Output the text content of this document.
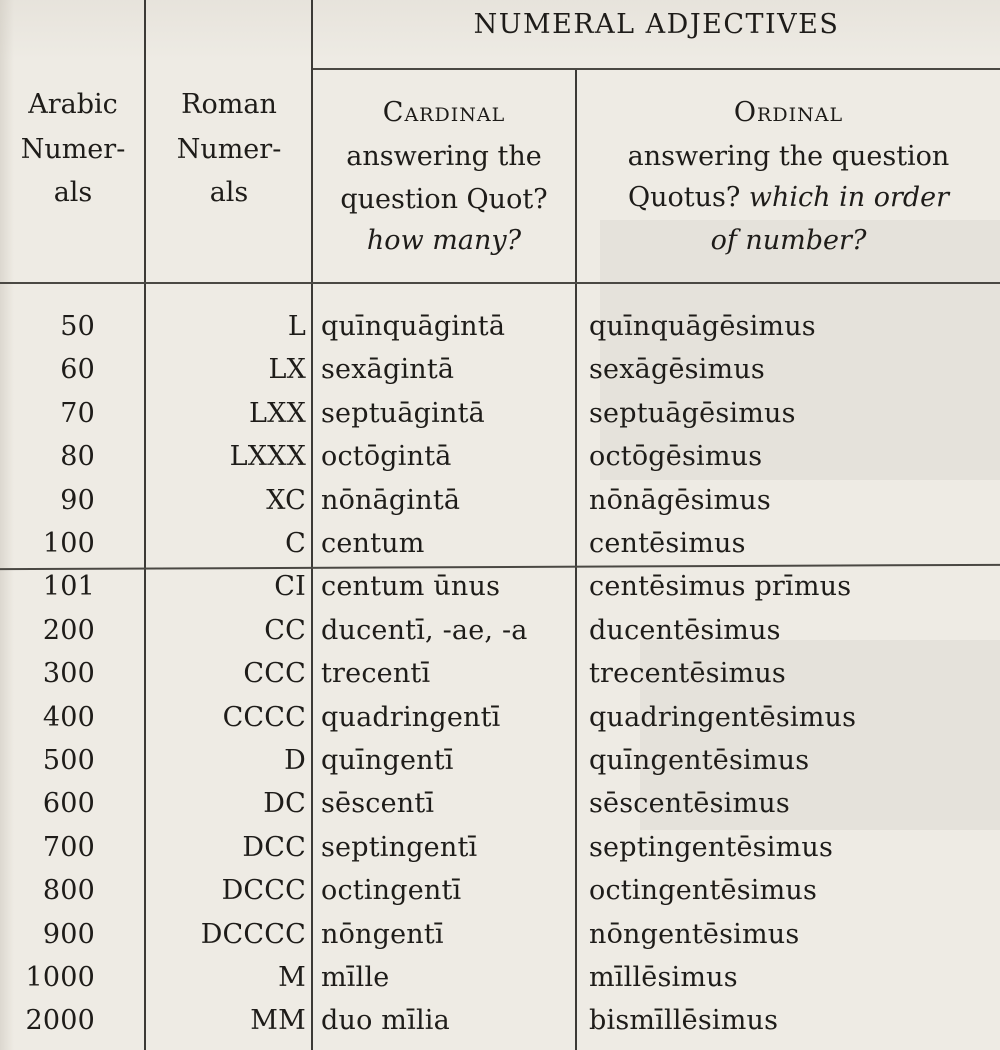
NUMERAL ADJECTIVES
Arabic
Numer-
als
Roman
Numer-
als
Cardinal
answering the
question Quot?
how many?
Ordinal
answering the question
Quotus? which in order
of number?
50	L quīnquāgintā	quīnquāgēsimus
60	LX sexāgintā	sexāgēsimus
70	LXX septuāgintā	septuāgēsimus
80	LXXX octōgintā	octōgēsimus
90	XC nōnāgintā	nōnāgēsimus
100	C centum	centēsimus
101	CI centum ūnus	centēsimus prīmus
200	CC ducentī, -ae, -a	ducentēsimus
300	CCC trecentī	trecentēsimus
400	CCCC quadringentī	quadringentēsimus
500	D quīngentī	quīngentēsimus
600	DC sēscentī	sēscentēsimus
700	DCC septingentī	septingentēsimus
800	DCCC octingentī	octingentēsimus
900	DCCCC nōngentī	nōngentēsimus
1000	M mīlle	mīllēsimus
2000	MM duo mīlia	bismīllēsimus
